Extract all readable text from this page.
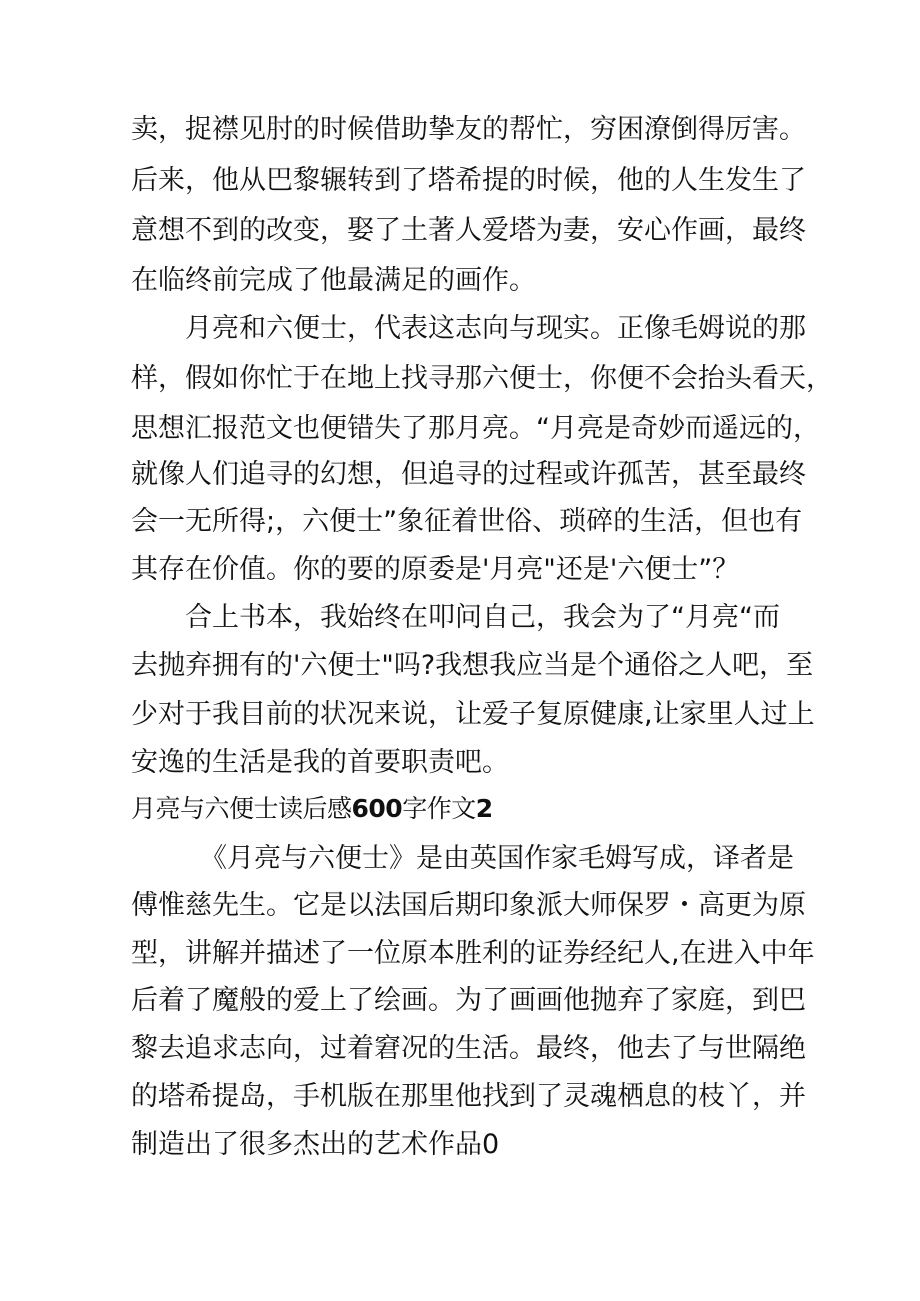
卖，捉襟见肘的时候借助挚友的帮忙，穷困潦倒得厉害。
后来，他从巴黎辗转到了塔希提的时候，他的人生发生了
意想不到的改变，娶了土著人爱塔为妻，安心作画，最终
在临终前完成了他最满足的画作。
月亮和六便士，代表这志向与现实。正像毛姆说的那
样，假如你忙于在地上找寻那六便士，你便不会抬头看天，
思想汇报范文也便错失了那月亮。“月亮是奇妙而遥远的，
就像人们追寻的幻想，但追寻的过程或许孤苦，甚至最终
会一无所得;，六便士”象征着世俗、琐碎的生活，但也有
其存在价值。你的要的原委是'月亮"还是'六便士”？
合上书本，我始终在叩问自己，我会为了“月亮“而
去抛弃拥有的'六便士"吗?我想我应当是个通俗之人吧，至
少对于我目前的状况来说，让爱子复原健康,让家里人过上
安逸的生活是我的首要职责吧。
月亮与六便士读后感600字作文2
《月亮与六便士》是由英国作家毛姆写成，译者是
傅惟慈先生。它是以法国后期印象派大师保罗・高更为原
型，讲解并描述了一位原本胜利的证券经纪人,在进入中年
后着了魔般的爱上了绘画。为了画画他抛弃了家庭，到巴
黎去追求志向，过着窘况的生活。最终，他去了与世隔绝
的塔希提岛，手机版在那里他找到了灵魂栖息的枝丫，并
制造出了很多杰出的艺术作品0
